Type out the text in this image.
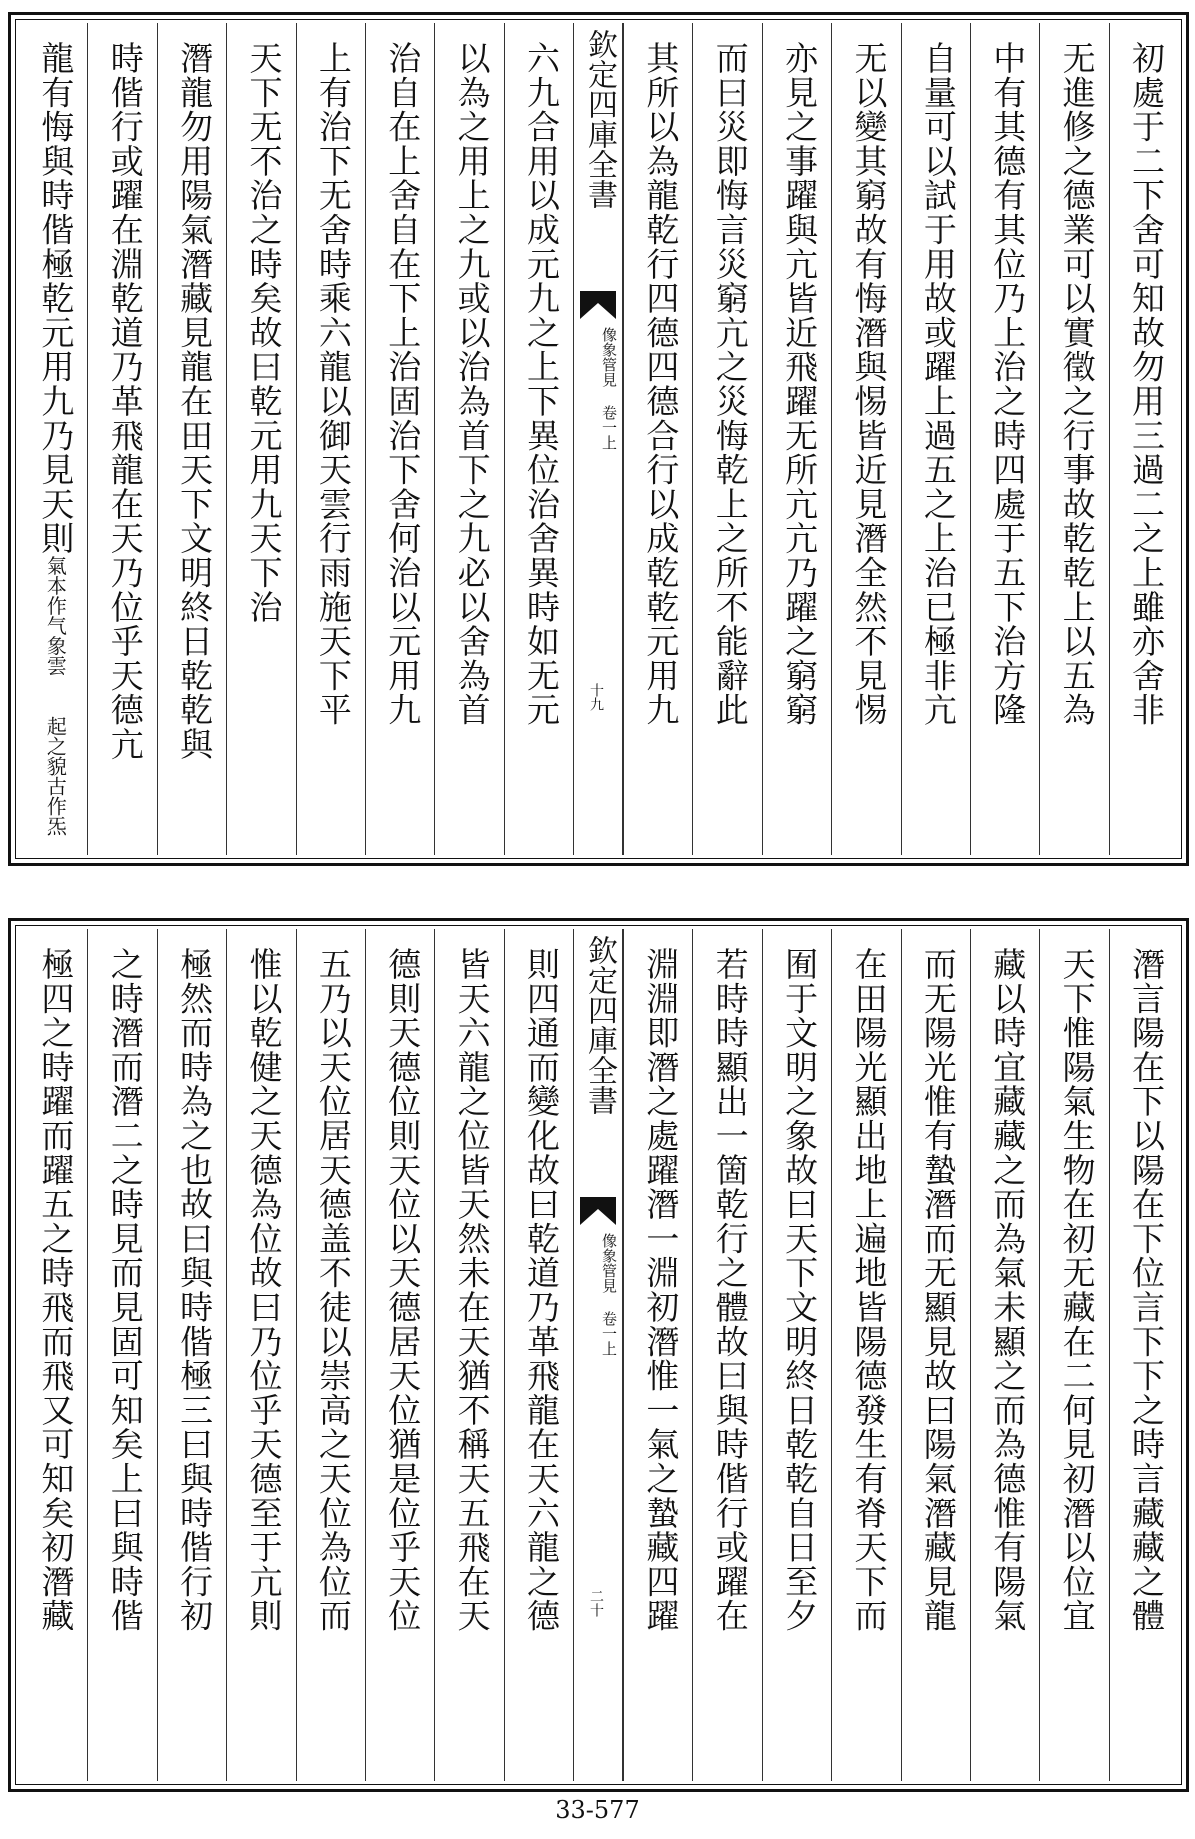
初處于二下舍可知故勿用三過二之上雖亦舍非
无進修之德業可以實徵之行事故乾乾上以五為
中有其德有其位乃上治之時四處于五下治方隆
自量可以試于用故或躍上過五之上治已極非亢
无以變其窮故有悔潛與惕皆近見潛全然不見惕
亦見之事躍與亢皆近飛躍无所亢亢乃躍之窮窮
而曰災即悔言災窮亢之災悔乾上之所不能辭此
其所以為龍乾行四德四德合行以成乾乾元用九
欽定四庫全書
像象管見 卷一上
十九
六九合用以成元九之上下異位治舍異時如无元
以為之用上之九或以治為首下之九必以舍為首
治自在上舍自在下上治固治下舍何治以元用九
上有治下无舍時乘六龍以御天雲行雨施天下平
天下无不治之時矣故曰乾元用九天下治
潛龍勿用陽氣潛藏見龍在田天下文明終日乾乾與
時偕行或躍在淵乾道乃革飛龍在天乃位乎天德亢
龍有悔與時偕極乾元用九乃見天則氣本作气象雲 起之貌古作炁
潛言陽在下以陽在下位言下下之時言藏藏之體
天下惟陽氣生物在初无藏在二何見初潛以位宜
藏以時宜藏藏之而為氣未顯之而為德惟有陽氣
而无陽光惟有蟄潛而无顯見故曰陽氣潛藏見龍
在田陽光顯出地上遍地皆陽德發生有脊天下而
囿于文明之象故曰天下文明終日乾乾自日至夕
若時時顯出一箇乾行之體故曰與時偕行或躍在
淵淵即潛之處躍潛一淵初潛惟一氣之蟄藏四躍
欽定四庫全書
像象管見 卷一上
二十
則四通而變化故曰乾道乃革飛龍在天六龍之德
皆天六龍之位皆天然未在天猶不稱天五飛在天
德則天德位則天位以天德居天位猶是位乎天位
五乃以天位居天德盖不徒以崇高之天位為位而
惟以乾健之天德為位故曰乃位乎天德至于亢則
極然而時為之也故曰與時偕極三曰與時偕行初
之時潛而潛二之時見而見固可知矣上曰與時偕
極四之時躍而躍五之時飛而飛又可知矣初潛藏
33-577
